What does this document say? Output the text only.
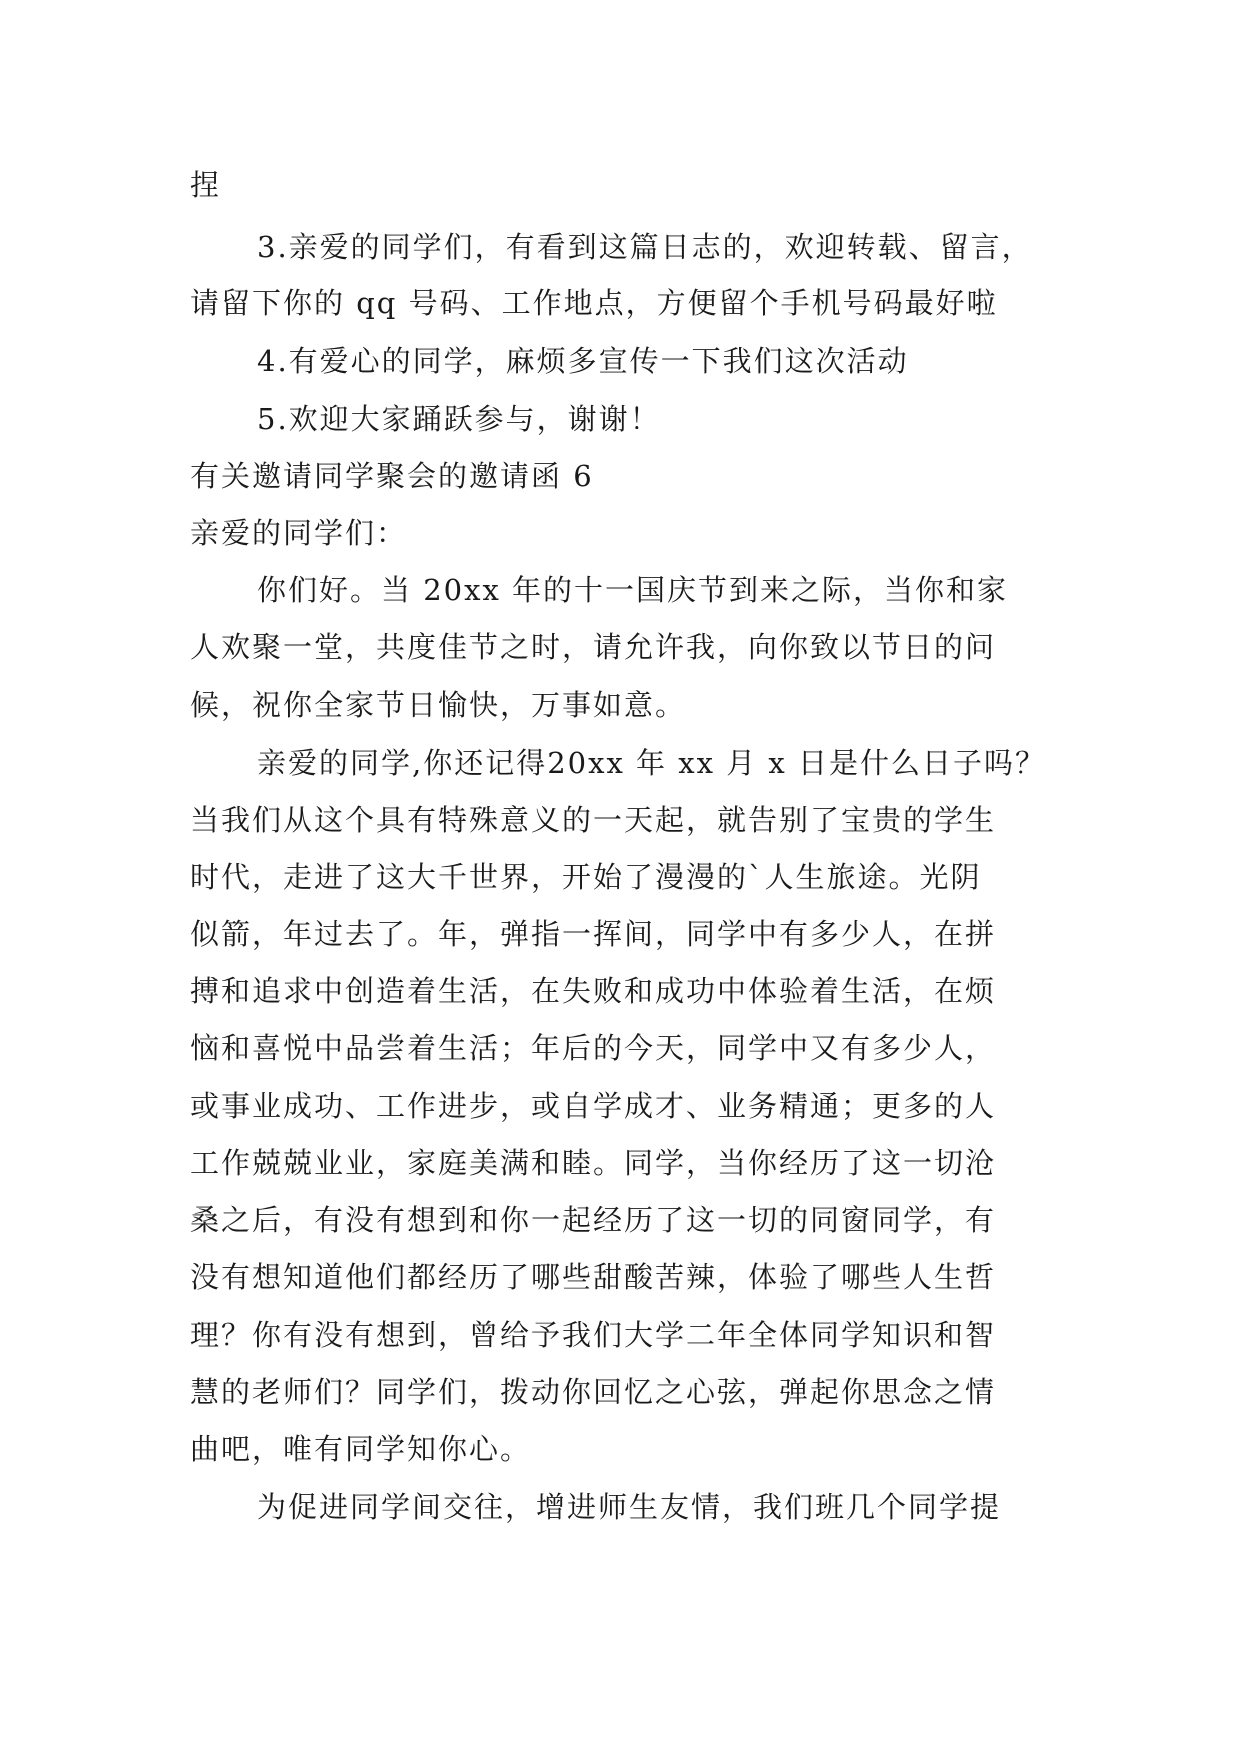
捏
3.亲爱的同学们，有看到这篇日志的，欢迎转载、留言，
请留下你的 qq 号码、工作地点，方便留个手机号码最好啦
4.有爱心的同学，麻烦多宣传一下我们这次活动
5.欢迎大家踊跃参与，谢谢！
有关邀请同学聚会的邀请函 6
亲爱的同学们：
你们好。当 20xx 年的十一国庆节到来之际，当你和家
人欢聚一堂，共度佳节之时，请允许我，向你致以节日的问
候，祝你全家节日愉快，万事如意。
亲爱的同学,你还记得20xx 年 xx 月 x 日是什么日子吗？
当我们从这个具有特殊意义的一天起，就告别了宝贵的学生
时代，走进了这大千世界，开始了漫漫的`人生旅途。光阴
似箭，年过去了。年，弹指一挥间，同学中有多少人，在拼
搏和追求中创造着生活，在失败和成功中体验着生活，在烦
恼和喜悦中品尝着生活；年后的今天，同学中又有多少人，
或事业成功、工作进步，或自学成才、业务精通；更多的人
工作兢兢业业，家庭美满和睦。同学，当你经历了这一切沧
桑之后，有没有想到和你一起经历了这一切的同窗同学，有
没有想知道他们都经历了哪些甜酸苦辣，体验了哪些人生哲
理？你有没有想到，曾给予我们大学二年全体同学知识和智
慧的老师们？同学们，拨动你回忆之心弦，弹起你思念之情
曲吧，唯有同学知你心。
为促进同学间交往，增进师生友情，我们班几个同学提
